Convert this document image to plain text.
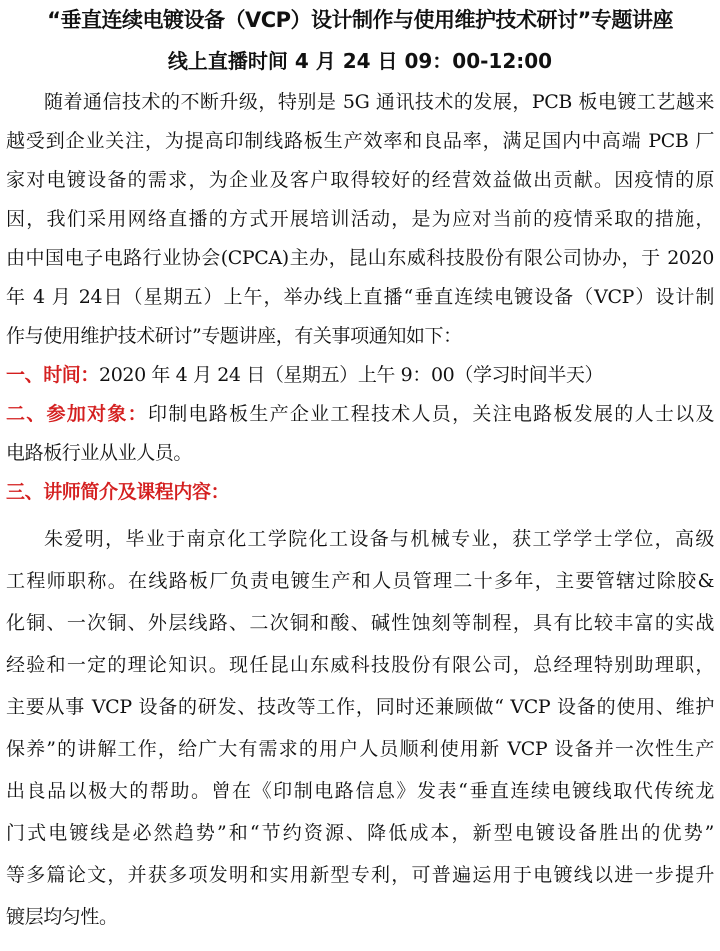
“垂直连续电镀设备（VCP）设计制作与使用维护技术研讨”专题讲座
线上直播时间 4 月 24 日 09：00-12:00
随着通信技术的不断升级，特别是 5G 通讯技术的发展，PCB 板电镀工艺越来
越受到企业关注，为提高印制线路板生产效率和良品率，满足国内中高端 PCB 厂
家对电镀设备的需求，为企业及客户取得较好的经营效益做出贡献。因疫情的原
因，我们采用网络直播的方式开展培训活动，是为应对当前的疫情采取的措施，
由中国电子电路行业协会(CPCA)主办，昆山东威科技股份有限公司协办，于 2020
年 4 月 24日（星期五）上午，举办线上直播“垂直连续电镀设备（VCP）设计制
作与使用维护技术研讨”专题讲座，有关事项通知如下：
一、时间：2020 年 4 月 24 日（星期五）上午 9：00（学习时间半天）
二、参加对象：印制电路板生产企业工程技术人员，关注电路板发展的人士以及
电路板行业从业人员。
三、讲师简介及课程内容：
朱爱明，毕业于南京化工学院化工设备与机械专业，获工学学士学位，高级
工程师职称。在线路板厂负责电镀生产和人员管理二十多年，主要管辖过除胶&
化铜、一次铜、外层线路、二次铜和酸、碱性蚀刻等制程，具有比较丰富的实战
经验和一定的理论知识。现任昆山东威科技股份有限公司，总经理特别助理职，
主要从事 VCP 设备的研发、技改等工作，同时还兼顾做“ VCP 设备的使用、维护
保养”的讲解工作，给广大有需求的用户人员顺利使用新 VCP 设备并一次性生产
出良品以极大的帮助。曾在《印制电路信息》发表“垂直连续电镀线取代传统龙
门式电镀线是必然趋势”和“节约资源、降低成本，新型电镀设备胜出的优势”
等多篇论文，并获多项发明和实用新型专利，可普遍运用于电镀线以进一步提升
镀层均匀性。
